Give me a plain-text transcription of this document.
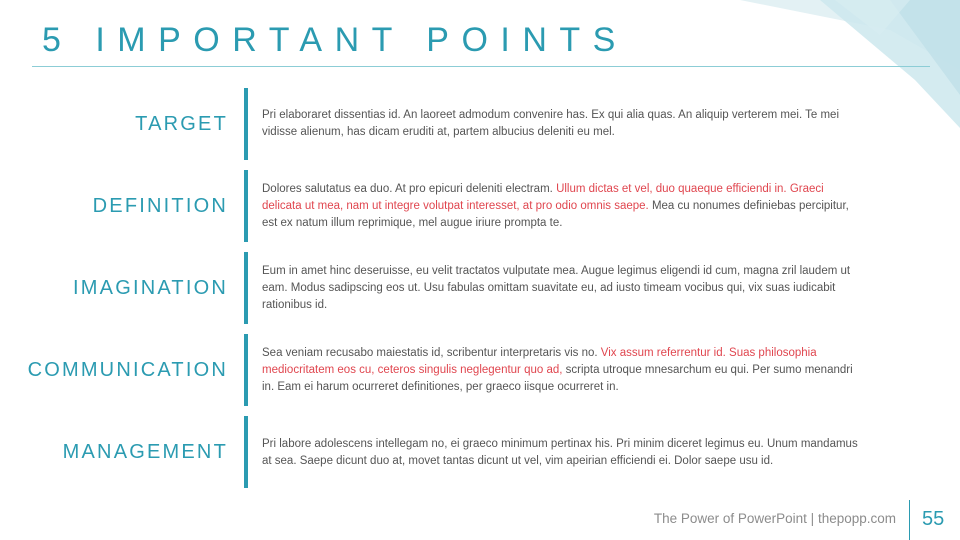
5 IMPORTANT POINTS
TARGET	Pri elaboraret dissentias id. An laoreet admodum convenire has. Ex qui alia quas. An aliquip verterem mei. Te mei vidisse alienum, has dicam eruditi at, partem albucius deleniti eu mel.

DEFINITION

Dolores salutatus ea duo. At pro epicuri deleniti electram. Ullum dictas et vel, duo quaeque efficiendi in. Graeci delicata ut mea, nam ut integre volutpat interesset, at pro odio omnis saepe. Mea cu nonumes definiebas percipitur, est ex natum illum reprimique, mel augue iriure prompta te.

IMAGINATION

Eum in amet hinc deseruisse, eu velit tractatos vulputate mea. Augue legimus eligendi id cum, magna zril laudem ut eam. Modus sadipscing eos ut. Usu fabulas omittam suavitate eu, ad iusto timeam vocibus qui, vix suas iudicabit rationibus id.

COMMUNICATION

Sea veniam recusabo maiestatis id, scribentur interpretaris vis no. Vix assum referrentur id. Suas philosophia mediocritatem eos cu, ceteros singulis neglegentur quo ad, scripta utroque mnesarchum eu qui. Per sumo menandri in. Eam ei harum ocurreret definitiones, per graeco iisque ocurreret in.

MANAGEMENT	Pri labore adolescens intellegam no, ei graeco minimum pertinax his. Pri minim diceret legimus eu. Unum mandamus at sea. Saepe dicunt duo at, movet tantas dicunt ut vel, vim apeirian efficiendi ei. Dolor saepe usu id.

The Power of PowerPoint | thepopp.com 55
